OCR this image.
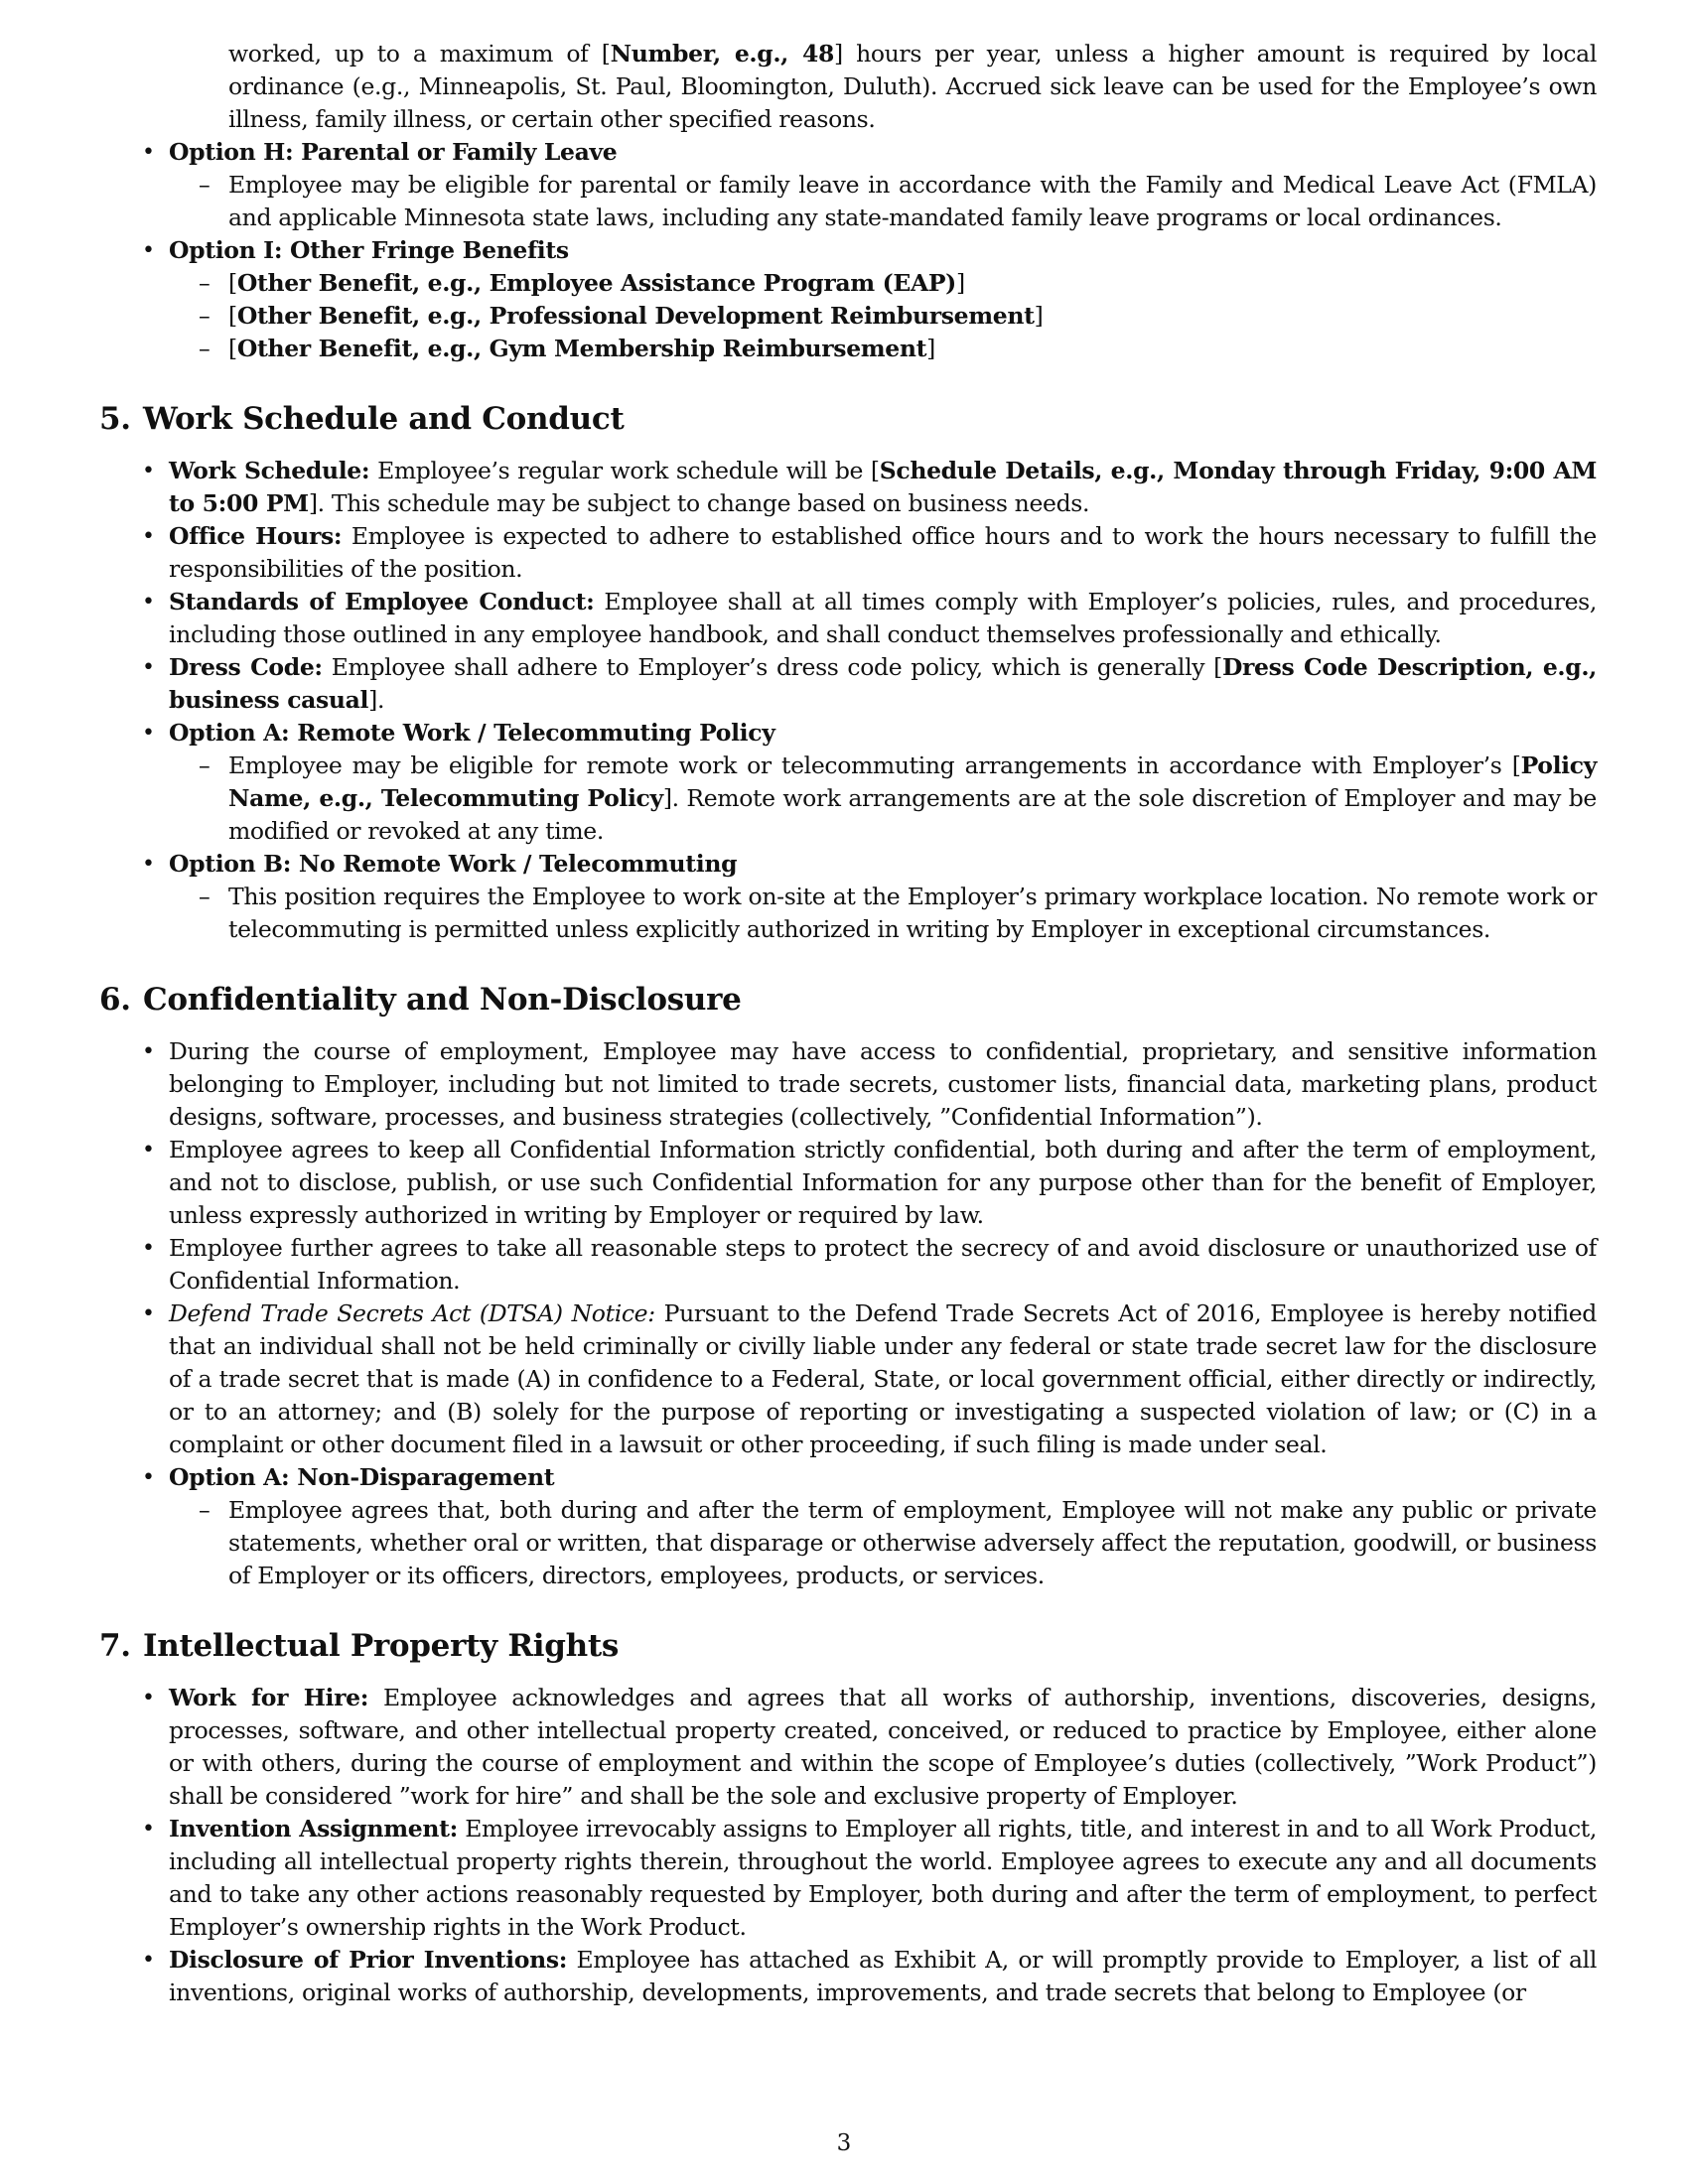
worked, up to a maximum of [Number, e.g., 48] hours per year, unless a higher amount is required by local ordinance (e.g., Minneapolis, St. Paul, Bloomington, Duluth). Accrued sick leave can be used for the Employee’s own illness, family illness, or certain other specified reasons.

• Option H: Parental or Family Leave
– Employee may be eligible for parental or family leave in accordance with the Family and Medical Leave Act (FMLA) and applicable Minnesota state laws, including any state-mandated family leave programs or local ordinances.
• Option I: Other Fringe Benefits
– [Other Benefit, e.g., Employee Assistance Program (EAP)]
– [Other Benefit, e.g., Professional Development Reimbursement]
– [Other Benefit, e.g., Gym Membership Reimbursement]
5. Work Schedule and Conduct
• Work Schedule: Employee’s regular work schedule will be [Schedule Details, e.g., Monday through Friday, 9:00 AM to 5:00 PM]. This schedule may be subject to change based on business needs.
• Office Hours: Employee is expected to adhere to established office hours and to work the hours necessary to fulfill the responsibilities of the position.
• Standards of Employee Conduct: Employee shall at all times comply with Employer’s policies, rules, and procedures, including those outlined in any employee handbook, and shall conduct themselves professionally and ethically.
• Dress Code: Employee shall adhere to Employer’s dress code policy, which is generally [Dress Code Description, e.g., business casual].
• Option A: Remote Work / Telecommuting Policy
– Employee may be eligible for remote work or telecommuting arrangements in accordance with Employer’s [Policy Name, e.g., Telecommuting Policy]. Remote work arrangements are at the sole discretion of Employer and may be modified or revoked at any time.
• Option B: No Remote Work / Telecommuting
– This position requires the Employee to work on-site at the Employer’s primary workplace location. No remote work or telecommuting is permitted unless explicitly authorized in writing by Employer in exceptional circumstances.
6. Confidentiality and Non-Disclosure
• During the course of employment, Employee may have access to confidential, proprietary, and sensitive information belonging to Employer, including but not limited to trade secrets, customer lists, financial data, marketing plans, product designs, software, processes, and business strategies (collectively, ”Confidential Information”).
• Employee agrees to keep all Confidential Information strictly confidential, both during and after the term of employment, and not to disclose, publish, or use such Confidential Information for any purpose other than for the benefit of Employer, unless expressly authorized in writing by Employer or required by law.
• Employee further agrees to take all reasonable steps to protect the secrecy of and avoid disclosure or unauthorized use of Confidential Information.
• Defend Trade Secrets Act (DTSA) Notice: Pursuant to the Defend Trade Secrets Act of 2016, Employee is hereby notified that an individual shall not be held criminally or civilly liable under any federal or state trade secret law for the disclosure of a trade secret that is made (A) in confidence to a Federal, State, or local government official, either directly or indirectly, or to an attorney; and (B) solely for the purpose of reporting or investigating a suspected violation of law; or (C) in a complaint or other document filed in a lawsuit or other proceeding, if such filing is made under seal.
• Option A: Non-Disparagement
– Employee agrees that, both during and after the term of employment, Employee will not make any public or private statements, whether oral or written, that disparage or otherwise adversely affect the reputation, goodwill, or business of Employer or its officers, directors, employees, products, or services.
7. Intellectual Property Rights
• Work for Hire: Employee acknowledges and agrees that all works of authorship, inventions, discoveries, designs, processes, software, and other intellectual property created, conceived, or reduced to practice by Employee, either alone or with others, during the course of employment and within the scope of Employee’s duties (collectively, ”Work Product”) shall be considered ”work for hire” and shall be the sole and exclusive property of Employer.
• Invention Assignment: Employee irrevocably assigns to Employer all rights, title, and interest in and to all Work Product, including all intellectual property rights therein, throughout the world. Employee agrees to execute any and all documents and to take any other actions reasonably requested by Employer, both during and after the term of employment, to perfect Employer’s ownership rights in the Work Product.
• Disclosure of Prior Inventions: Employee has attached as Exhibit A, or will promptly provide to Employer, a list of all inventions, original works of authorship, developments, improvements, and trade secrets that belong to Employee (or
3
